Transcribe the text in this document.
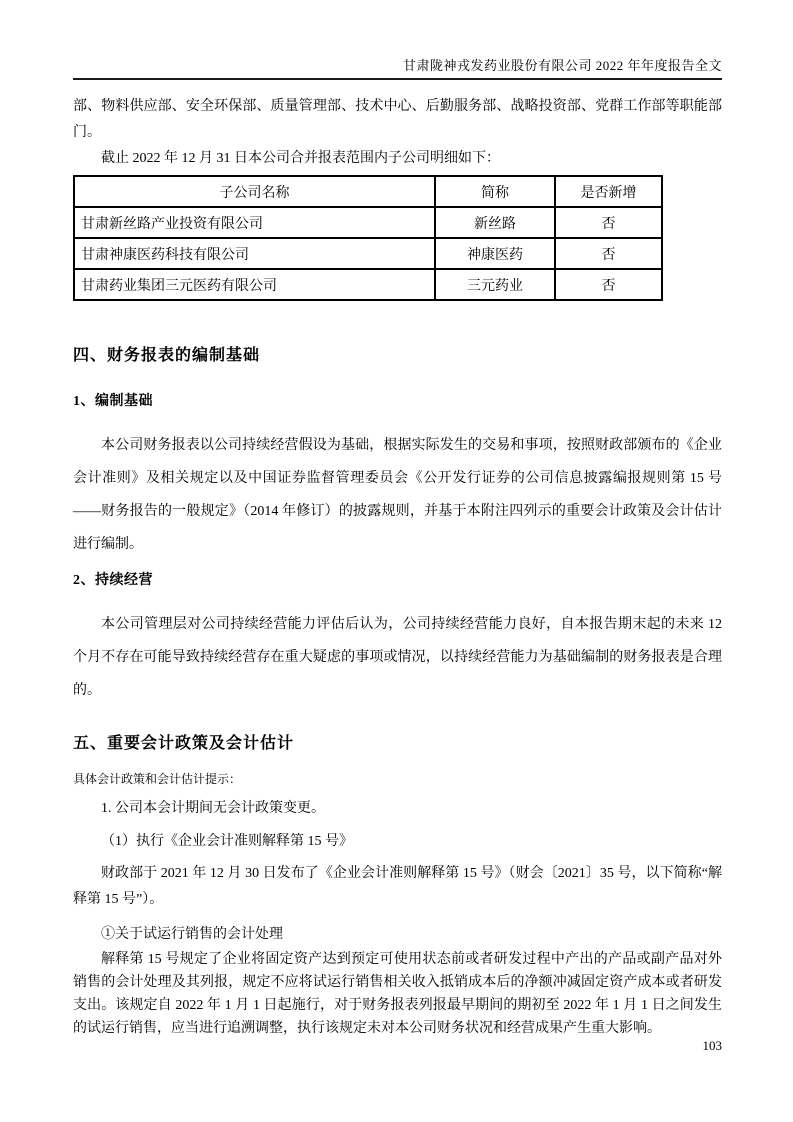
甘肃陇神戎发药业股份有限公司 2022 年年度报告全文

部、物料供应部、安全环保部、质量管理部、技术中心、后勤服务部、战略投资部、党群工作部等职能部门。

截止 2022 年 12 月 31 日本公司合并报表范围内子公司明细如下：

子公司名称	简称	是否新增
甘肃新丝路产业投资有限公司	新丝路	否
甘肃神康医药科技有限公司	神康医药	否
甘肃药业集团三元医药有限公司	三元药业	否
四、财务报表的编制基础
1、编制基础

本公司财务报表以公司持续经营假设为基础，根据实际发生的交易和事项，按照财政部颁布的《企业会计准则》及相关规定以及中国证券监督管理委员会《公开发行证券的公司信息披露编报规则第 15 号——财务报告的一般规定》（2014 年修订）的披露规则，并基于本附注四列示的重要会计政策及会计估计进行编制。

2、持续经营

本公司管理层对公司持续经营能力评估后认为，公司持续经营能力良好，自本报告期末起的未来 12 个月不存在可能导致持续经营存在重大疑虑的事项或情况，以持续经营能力为基础编制的财务报表是合理的。

五、重要会计政策及会计估计

具体会计政策和会计估计提示：

1. 公司本会计期间无会计政策变更。

（1）执行《企业会计准则解释第 15 号》

财政部于 2021 年 12 月 30 日发布了《企业会计准则解释第 15 号》（财会〔2021〕35 号，以下简称“解释第 15 号”）。

①关于试运行销售的会计处理

解释第 15 号规定了企业将固定资产达到预定可使用状态前或者研发过程中产出的产品或副产品对外销售的会计处理及其列报，规定不应将试运行销售相关收入抵销成本后的净额冲减固定资产成本或者研发支出。该规定自 2022 年 1 月 1 日起施行，对于财务报表列报最早期间的期初至 2022 年 1 月 1 日之间发生的试运行销售，应当进行追溯调整，执行该规定未对本公司财务状况和经营成果产生重大影响。

103
